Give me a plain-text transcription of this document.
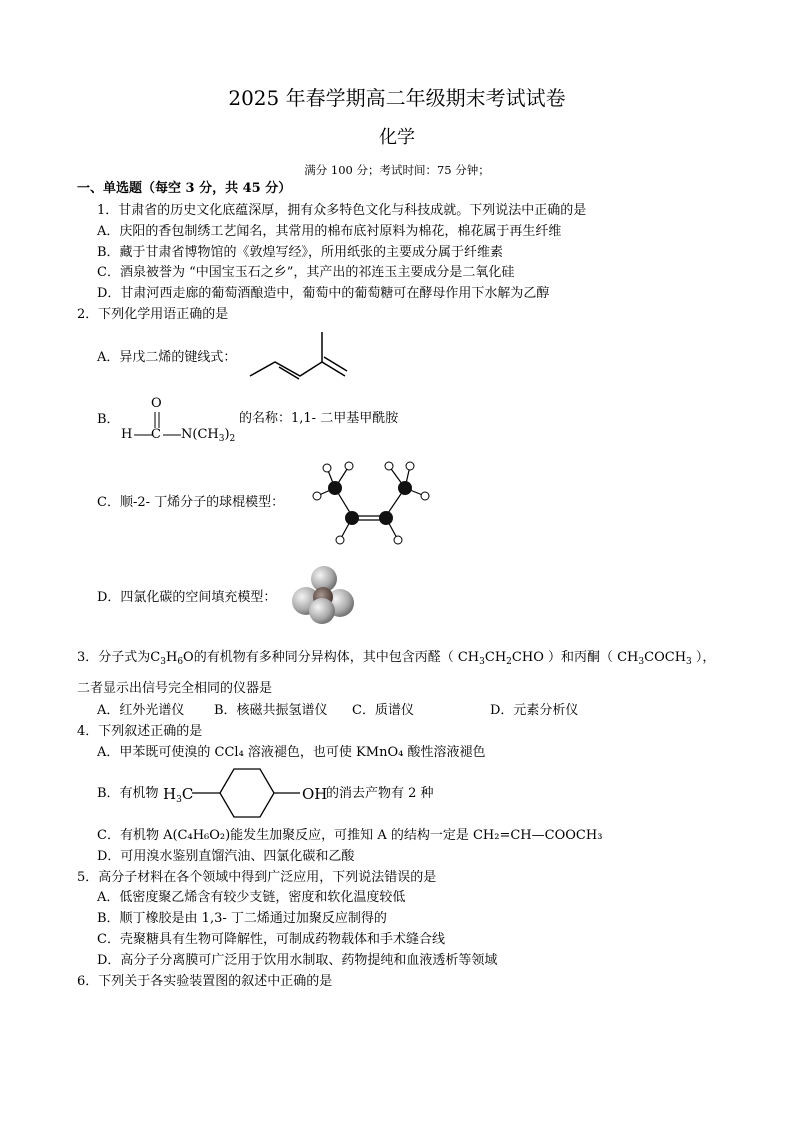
2025 年春学期高二年级期末考试试卷
化学
满分 100 分；考试时间：75 分钟；
一、单选题（每空 3 分，共 45 分）
1．甘肃省的历史文化底蕴深厚，拥有众多特色文化与科技成就。下列说法中正确的是
A．庆阳的香包制绣工艺闻名，其常用的棉布底衬原料为棉花，棉花属于再生纤维
B．藏于甘肃省博物馆的《敦煌写经》，所用纸张的主要成分属于纤维素
C．酒泉被誉为 “中国宝玉石之乡”，其产出的祁连玉主要成分是二氧化硅
D．甘肃河西走廊的葡萄酒酿造中，葡萄中的葡萄糖可在酵母作用下水解为乙醇
2．下列化学用语正确的是
A．异戊二烯的键线式：
B．
O
H C $N(CH_3)_2$
的名称：1,1- 二甲基甲酰胺
C．顺-2- 丁烯分子的球棍模型：
D．四氯化碳的空间填充模型：
3．分子式为$C_3H_6O$的有机物有多种同分异构体，其中包含丙醛（ $CH_3CH_2CHO$ ）和丙酮（ $CH_3COCH_3$ ），
二者显示出信号完全相同的仪器是
A．红外光谱仪 B．核磁共振氢谱仪 C．质谱仪	D．元素分析仪
4．下列叙述正确的是
A．甲苯既可使溴的 CCl₄ 溶液褪色，也可使 KMnO₄ 酸性溶液褪色
B．有机物 $H_3C$	OH
的消去产物有 2 种
C．有机物 A(C₄H₆O₂)能发生加聚反应，可推知 A 的结构一定是 CH₂=CH—COOCH₃
D．可用溴水鉴别直馏汽油、四氯化碳和乙酸
5．高分子材料在各个领域中得到广泛应用，下列说法错误的是
A．低密度聚乙烯含有较少支链，密度和软化温度较低
B．顺丁橡胶是由 1,3- 丁二烯通过加聚反应制得的
C．壳聚糖具有生物可降解性，可制成药物载体和手术缝合线
D．高分子分离膜可广泛用于饮用水制取、药物提纯和血液透析等领域
6．下列关于各实验装置图的叙述中正确的是
